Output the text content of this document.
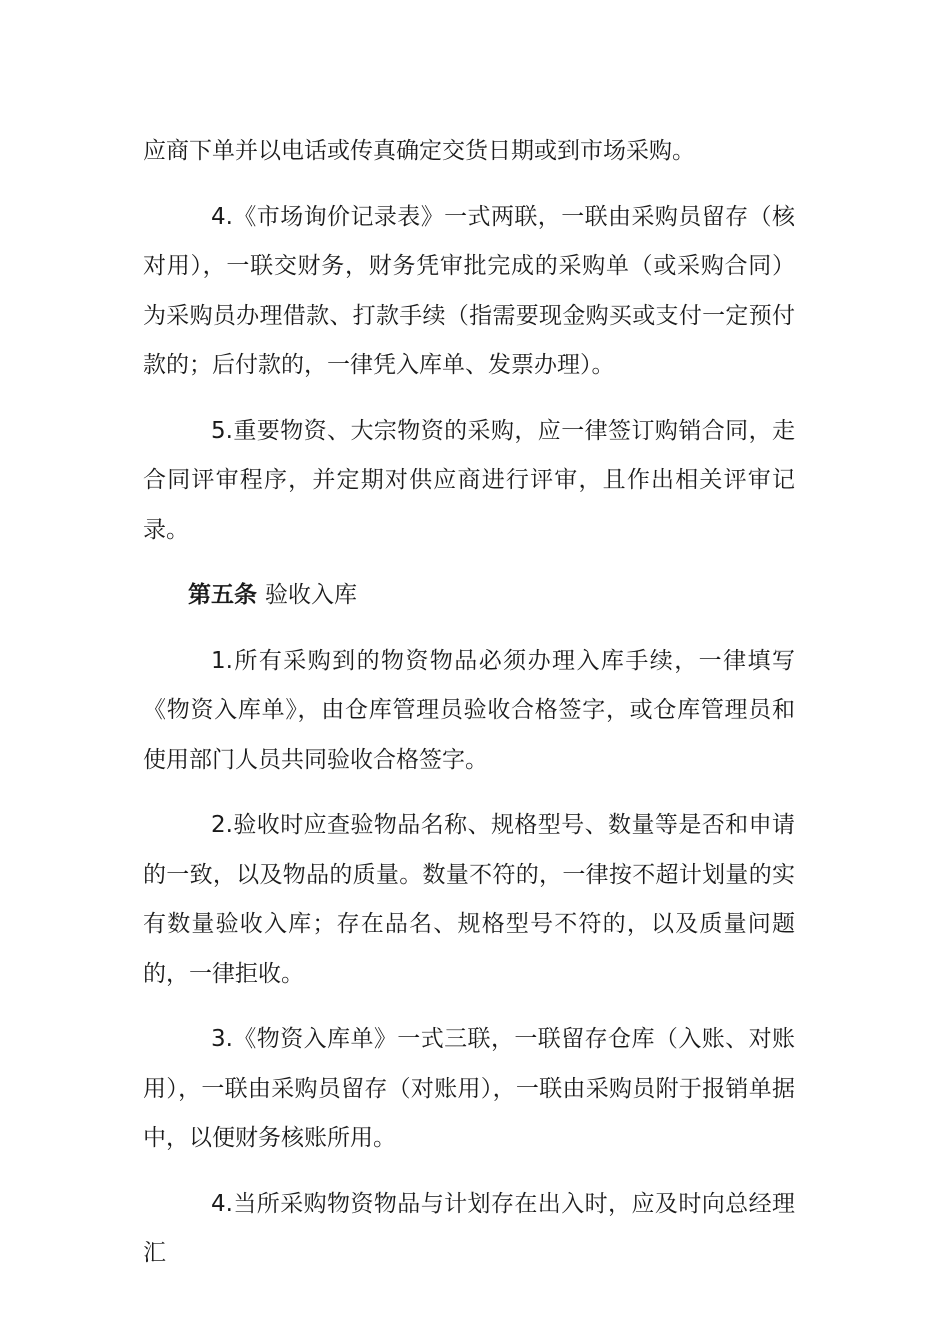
应商下单并以电话或传真确定交货日期或到市场采购。

4.《市场询价记录表》一式两联，一联由采购员留存（核对用），一联交财务，财务凭审批完成的采购单（或采购合同）为采购员办理借款、打款手续（指需要现金购买或支付一定预付款的；后付款的，一律凭入库单、发票办理）。

5.重要物资、大宗物资的采购，应一律签订购销合同，走合同评审程序，并定期对供应商进行评审，且作出相关评审记录。

第五条 验收入库

1.所有采购到的物资物品必须办理入库手续，一律填写《物资入库单》，由仓库管理员验收合格签字，或仓库管理员和使用部门人员共同验收合格签字。

2.验收时应查验物品名称、规格型号、数量等是否和申请的一致，以及物品的质量。数量不符的，一律按不超计划量的实有数量验收入库；存在品名、规格型号不符的，以及质量问题的，一律拒收。

3.《物资入库单》一式三联，一联留存仓库（入账、对账用），一联由采购员留存（对账用），一联由采购员附于报销单据中，以便财务核账所用。

4.当所采购物资物品与计划存在出入时，应及时向总经理汇
